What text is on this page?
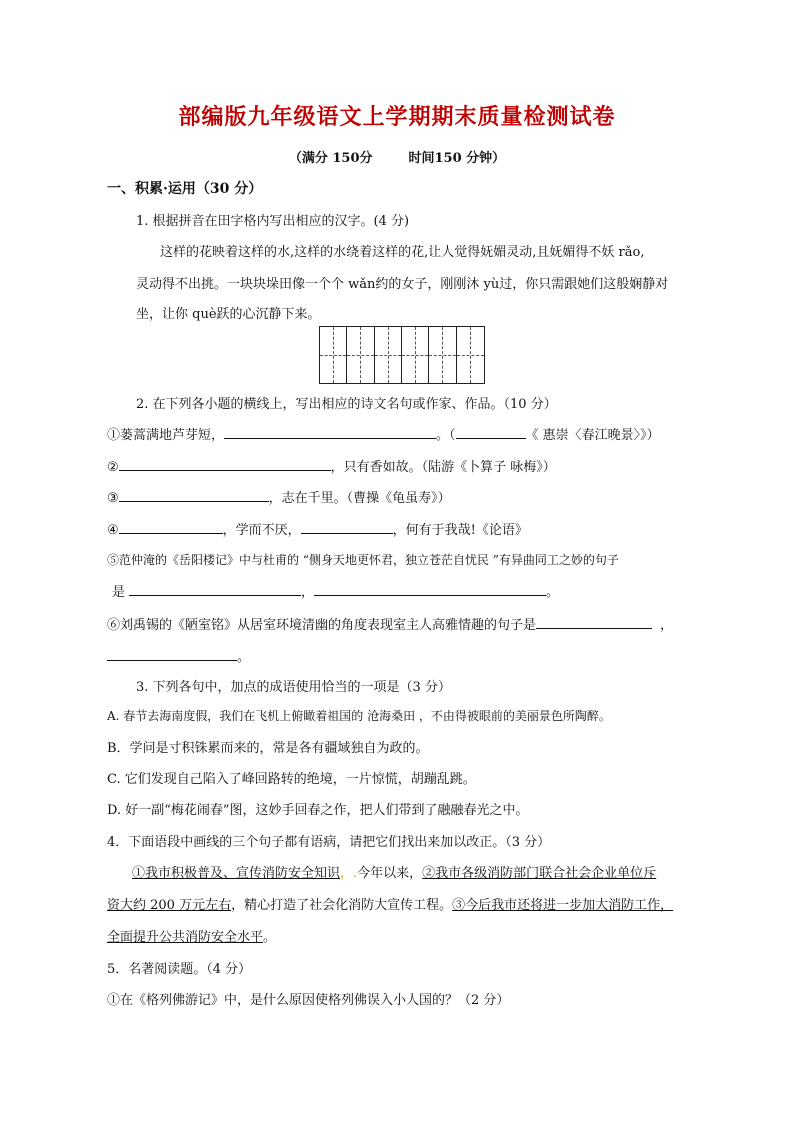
部编版九年级语文上学期期末质量检测试卷
（满分 150分	时间150 分钟）
一、积累·运用（30 分）
1. 根据拼音在田字格内写出相应的汉字。(4 分)
这样的花映着这样的水,这样的水绕着这样的花,让人觉得妩媚灵动,且妩媚得不妖 rǎo,
灵动得不出挑。一块块垛田像一个个 wǎn约的女子，刚刚沐 yù过，你只需跟她们这般娴静对
坐，让你 què跃的心沉静下来。
2. 在下列各小题的横线上，写出相应的诗文名句或作家、作品。（10 分）
①蒌蒿满地芦芽短，	。（	《 惠崇〈春江晚景〉》）
②	，只有香如故。（陆游《卜算子 咏梅》）
③	，志在千里。（曹操《龟虽寿》）
④	，学而不厌，	，何有于我哉!《论语》
⑤范仲淹的《岳阳楼记》中与杜甫的 “侧身天地更怀君，独立苍茫自忧民 ”有异曲同工之妙的句子
是	，	。
⑥刘禹锡的《陋室铭》从居室环境清幽的角度表现室主人高雅情趣的句子是	，
。
3. 下列各句中，加点的成语使用恰当的一项是（3 分）
A. 春节去海南度假，我们在飞机上俯瞰着祖国的 沧海桑田 ，不由得被眼前的美丽景色所陶醉。
B．学问是寸积铢累而来的，常是各有疆域独自为政的。
C. 它们发现自己陷入了峰回路转的绝境，一片惊慌，胡蹦乱跳。
D. 好一副“梅花闹春”图，这妙手回春之作，把人们带到了融融春光之中。
4．下面语段中画线的三个句子都有语病，请把它们找出来加以改正。（3 分）
①我市积极普及、宣传消防安全知识，.今年以来，②我市各级消防部门联合社会企业单位斥
资大约 200 万元左右，精心打造了社会化消防大宣传工程。③今后我市还将进一步加大消防工作，
全面提升公共消防安全水平。
5．名著阅读题。（4 分）
①在《格列佛游记》中，是什么原因使格列佛误入小人国的？（2 分）
